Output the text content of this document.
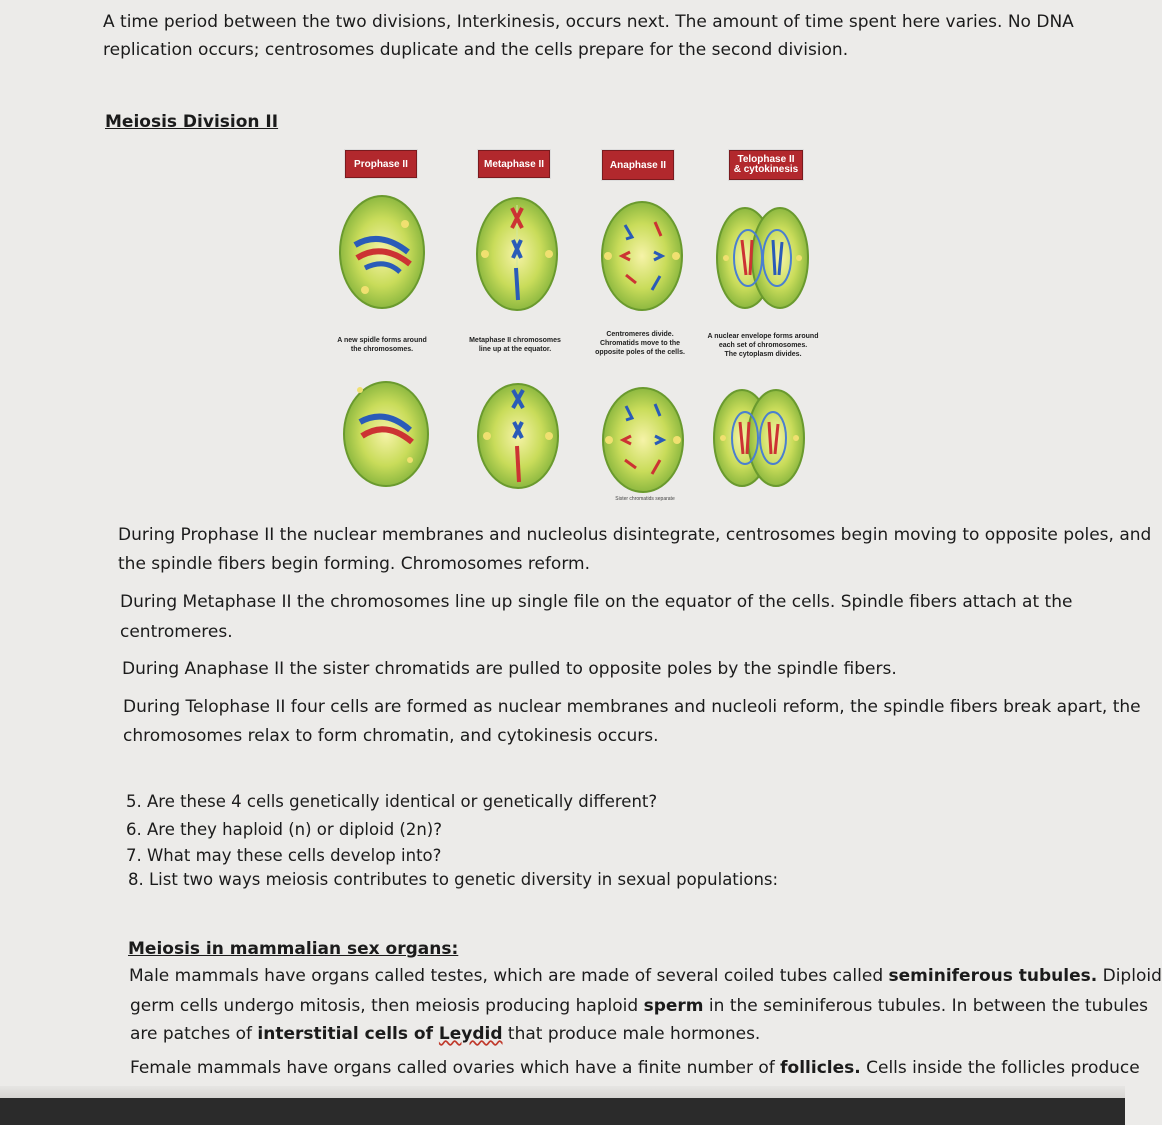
A time period between the two divisions, Interkinesis, occurs next. The amount of time spent here varies. No DNA
replication occurs; centrosomes duplicate and the cells prepare for the second division.
Meiosis Division II
Prophase II	Metaphase II	Anaphase II	Telophase II
& cytokinesis
A new spidle forms around
the chromosomes.
Metaphase II chromosomes
line up at the equator.
Centromeres divide.
Chromatids move to the
opposite poles of the cells.
A nuclear envelope forms around
each set of chromosomes.
The cytoplasm divides.
Sister chromatids separate
During Prophase II the nuclear membranes and nucleolus disintegrate, centrosomes begin moving to opposite poles, and
the spindle fibers begin forming. Chromosomes reform.
During Metaphase II the chromosomes line up single file on the equator of the cells. Spindle fibers attach at the
centromeres.
During Anaphase II the sister chromatids are pulled to opposite poles by the spindle fibers.
During Telophase II four cells are formed as nuclear membranes and nucleoli reform, the spindle fibers break apart, the
chromosomes relax to form chromatin, and cytokinesis occurs.
5. Are these 4 cells genetically identical or genetically different?
6. Are they haploid (n) or diploid (2n)?
7. What may these cells develop into?
8. List two ways meiosis contributes to genetic diversity in sexual populations:
Meiosis in mammalian sex organs:
Male mammals have organs called testes, which are made of several coiled tubes called seminiferous tubules. Diploid
germ cells undergo mitosis, then meiosis producing haploid sperm in the seminiferous tubules. In between the tubules
are patches of interstitial cells of Leydid that produce male hormones.
Female mammals have organs called ovaries which have a finite number of follicles. Cells inside the follicles produce
